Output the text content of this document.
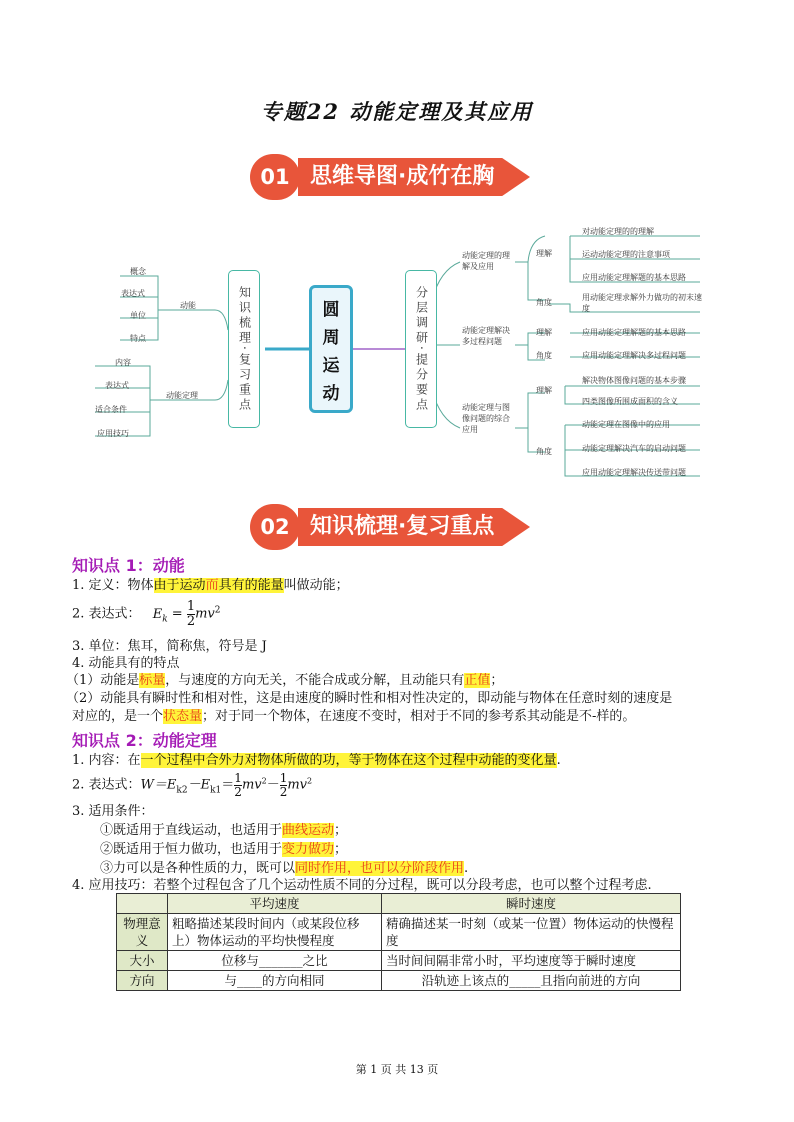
专题22 动能定理及其应用
01 思维导图·成竹在胸
概念
表达式
单位
特点
动能
内容
表达式
适合条件
应用技巧
动能定理	知识梳理·复习重点	圆周运动	分层调研·提分要点
动能定理的理解及应用
理解
对动能定理的的理解
运动动能定理的注意事项
应用动能定理解题的基本思路
角度
用动能定理求解外力做功的初末速度
动能定理解决多过程问题
理解	应用动能定理解题的基本思路
角度	应用动能定理解决多过程问题
动能定理与图像问题的综合应用
理解
解决物体图像问题的基本步骤
四类图像所围成面积的含义
角度
动能定理在图像中的应用
动能定理解决汽车的启动问题
应用动能定理解决传送带问题
02 知识梳理·复习重点
知识点 1：动能
1. 定义：物体由于运动而具有的能量叫做动能；
2. 表达式： $E_k = \frac{1}{2} mv^2$
3. 单位：焦耳，简称焦，符号是 J
4. 动能具有的特点
（1）动能是标量，与速度的方向无关，不能合成或分解，且动能只有正值；
（2）动能具有瞬时性和相对性，这是由速度的瞬时性和相对性决定的，即动能与物体在任意时刻的速度是
对应的，是一个状态量；对于同一个物体，在速度不变时，相对于不同的参考系其动能是不-样的。
知识点 2：动能定理
1. 内容：在一个过程中合外力对物体所做的功，等于物体在这个过程中动能的变化量.
2. 表达式：$W=E_{k2}-E_{k1}= \frac{1}{2} mv^2- \frac{1}{2} mv^2$
3. 适用条件：
①既适用于直线运动，也适用于曲线运动；
②既适用于恒力做功，也适用于变力做功；
③力可以是各种性质的力，既可以同时作用，也可以分阶段作用.
4. 应用技巧：若整个过程包含了几个运动性质不同的分过程，既可以分段考虑，也可以整个过程考虑.
	平均速度	瞬时速度
物理意义	粗略描述某段时间内（或某段位移上）物体运动的平均快慢程度	精确描述某一时刻（或某一位置）物体运动的快慢程度
大小	位移与_______之比	当时间间隔非常小时，平均速度等于瞬时速度
方向	与____的方向相同	沿轨迹上该点的_____且指向前进的方向
第 1 页 共 13 页
